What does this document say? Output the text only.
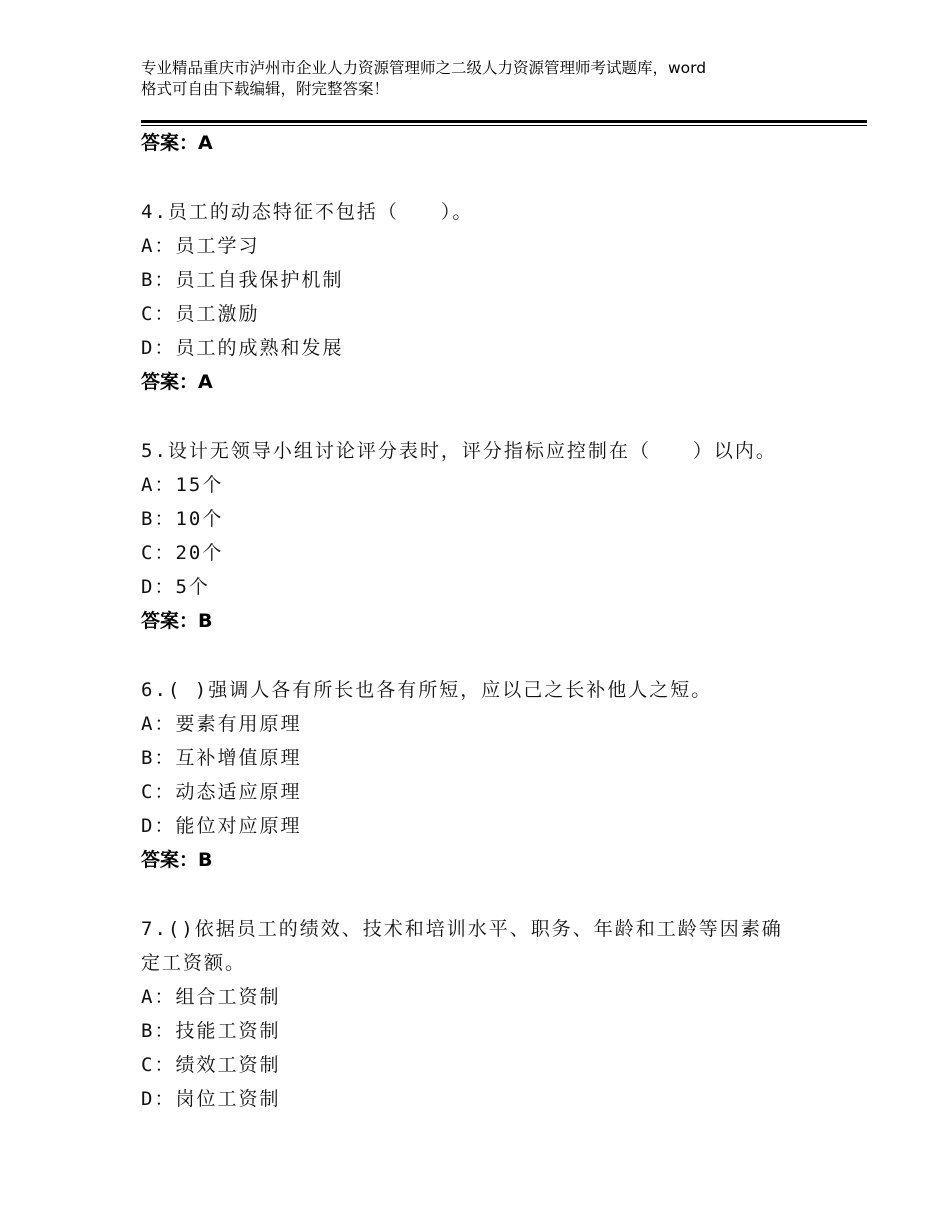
专业精品重庆市泸州市企业人力资源管理师之二级人力资源管理师考试题库，word
格式可自由下载编辑，附完整答案！
答案：A
4.员工的动态特征不包括（　　）。
A：员工学习
B：员工自我保护机制
C：员工激励
D：员工的成熟和发展
答案：A
5.设计无领导小组讨论评分表时，评分指标应控制在（　　）以内。
A：15个
B：10个
C：20个
D：5个
答案：B
6.( )强调人各有所长也各有所短，应以己之长补他人之短。
A：要素有用原理
B：互补增值原理
C：动态适应原理
D：能位对应原理
答案：B
7.()依据员工的绩效、技术和培训水平、职务、年龄和工龄等因素确
定工资额。
A：组合工资制
B：技能工资制
C：绩效工资制
D：岗位工资制
